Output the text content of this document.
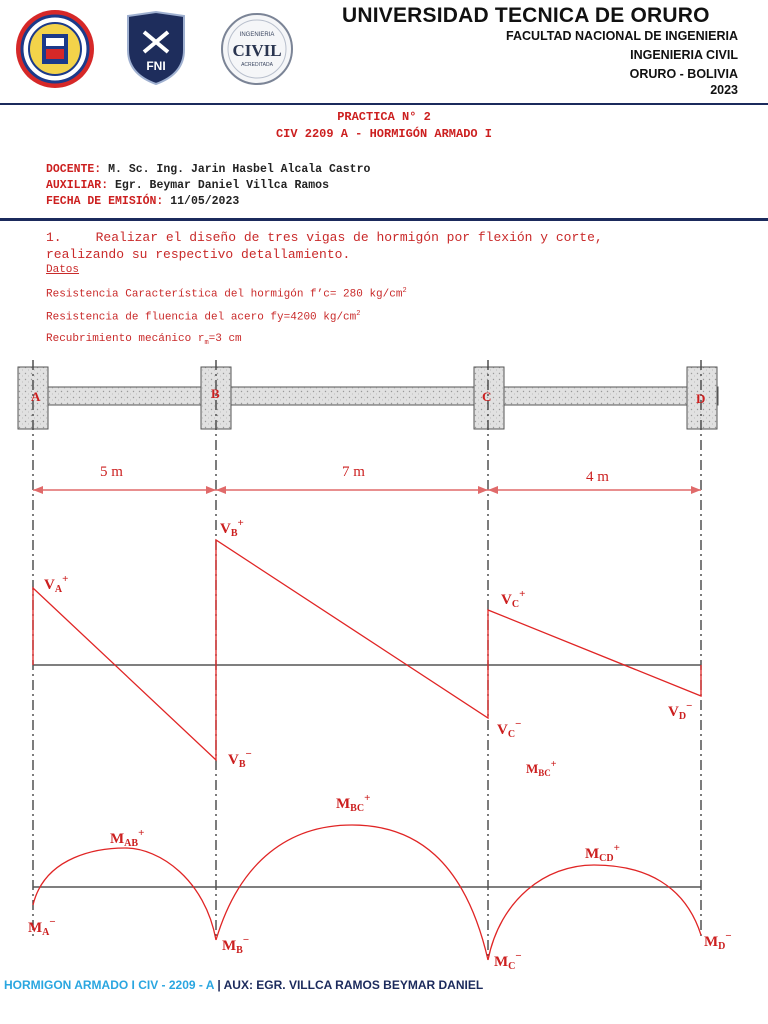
FNI
INGENIERIA
CIVIL
ACREDITADA
UNIVERSIDAD TECNICA DE ORURO
FACULTAD NACIONAL DE INGENIERIA
INGENIERIA CIVIL
ORURO - BOLIVIA
2023
PRACTICA N° 2
CIV 2209 A - HORMIGÓN ARMADO I
DOCENTE: M. Sc. Ing. Jarin Hasbel Alcala Castro
AUXILIAR: Egr. Beymar Daniel Villca Ramos
FECHA DE EMISIÓN: 11/05/2023
1.	Realizar el diseño de tres vigas de hormigón por flexión y corte,
realizando su respectivo detallamiento.
Datos
Resistencia Característica del hormigón f’c= 280 $kg/cm^2$
Resistencia de fluencia del acero fy=4200 $kg/cm^2$
Recubrimiento mecánico $r_m=3$ cm
A	B	C	D
5 m	7 m	4 m
$V_A^+$
$V_B^+$
$V_B^-$
$V_C^+$
$V_C^-$
$V_D^-$
$M_{BC}^+$
$M_{AB}^+$
$M_{BC}^+$
$M_{CD}^+$
$M_A^-$
$M_B^-$
$M_C^-$
$M_D^-$
HORMIGON ARMADO I CIV - 2209 - A | AUX: EGR. VILLCA RAMOS BEYMAR DANIEL
